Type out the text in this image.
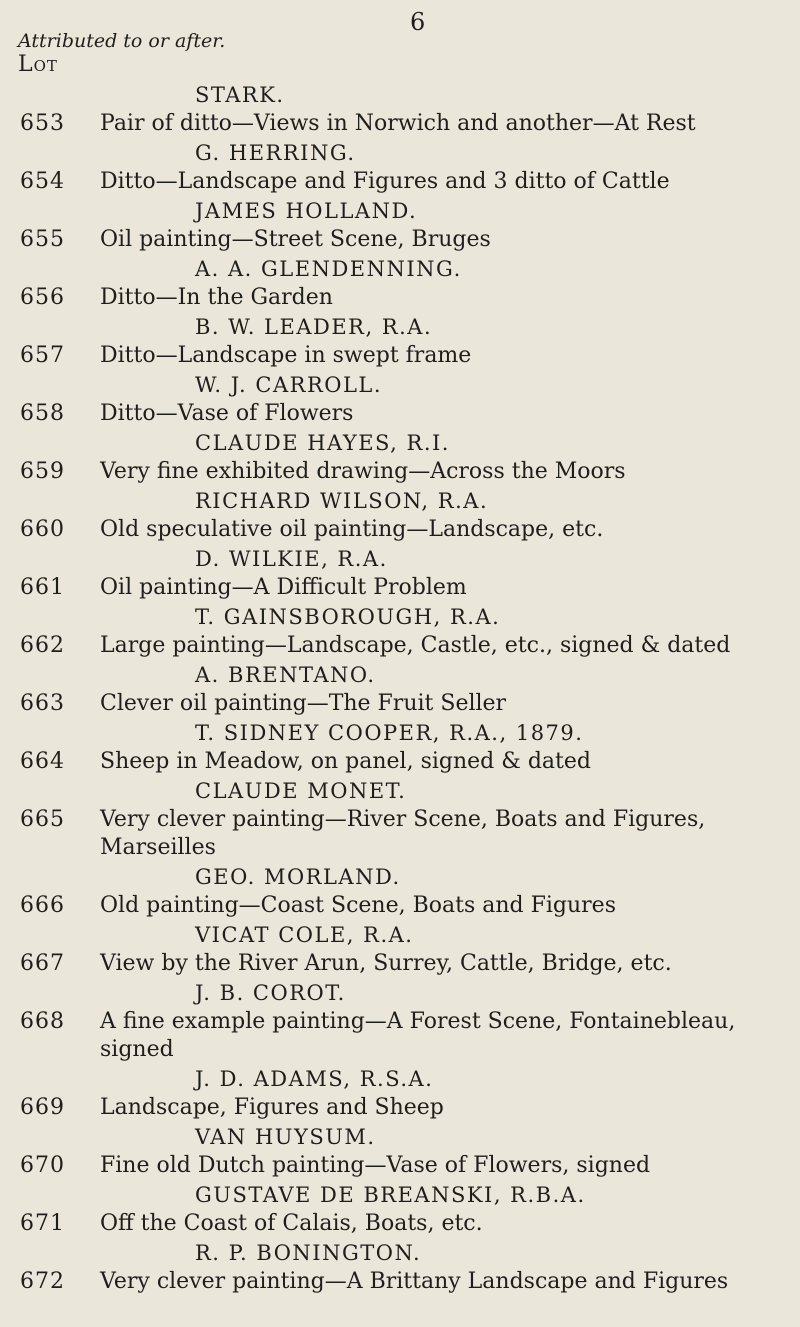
6
Attributed to or after.
Lot
STARK.
653	Pair of ditto—Views in Norwich and another—At Rest
G. HERRING.
654	Ditto—Landscape and Figures and 3 ditto of Cattle
JAMES HOLLAND.
655	Oil painting—Street Scene, Bruges
A. A. GLENDENNING.
656	Ditto—In the Garden
B. W. LEADER, R.A.
657	Ditto—Landscape in swept frame
W. J. CARROLL.
658	Ditto—Vase of Flowers
CLAUDE HAYES, R.I.
659	Very fine exhibited drawing—Across the Moors
RICHARD WILSON, R.A.
660	Old speculative oil painting—Landscape, etc.
D. WILKIE, R.A.
661	Oil painting—A Difficult Problem
T. GAINSBOROUGH, R.A.
662	Large painting—Landscape, Castle, etc., signed & dated
A. BRENTANO.
663	Clever oil painting—The Fruit Seller
T. SIDNEY COOPER, R.A., 1879.
664	Sheep in Meadow, on panel, signed & dated
CLAUDE MONET.
665	Very clever painting—River Scene, Boats and Figures,
Marseilles
GEO. MORLAND.
666	Old painting—Coast Scene, Boats and Figures
VICAT COLE, R.A.
667	View by the River Arun, Surrey, Cattle, Bridge, etc.
J. B. COROT.
668	A fine example painting—A Forest Scene, Fontainebleau,
signed
J. D. ADAMS, R.S.A.
669	Landscape, Figures and Sheep
VAN HUYSUM.
670	Fine old Dutch painting—Vase of Flowers, signed
GUSTAVE DE BREANSKI, R.B.A.
671	Off the Coast of Calais, Boats, etc.
R. P. BONINGTON.
672	Very clever painting—A Brittany Landscape and Figures
